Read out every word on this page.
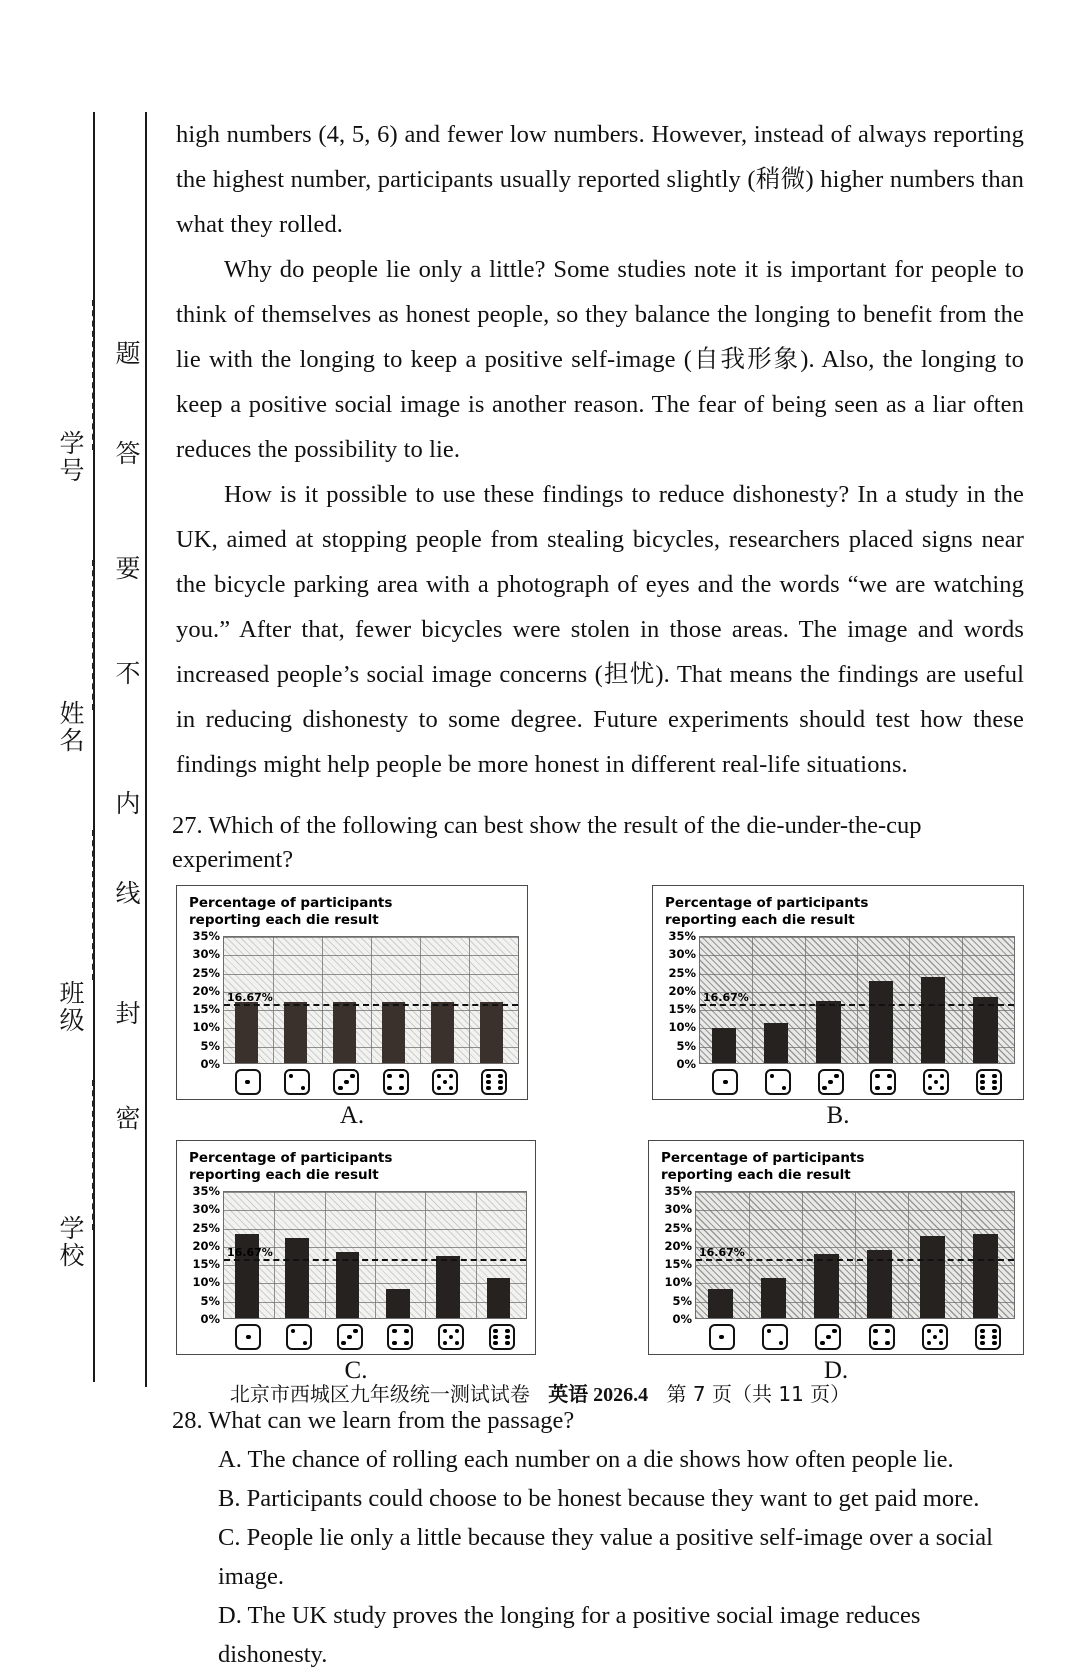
学号
姓名
班级
学校
题
答
要
不
内
线
封
密

high numbers (4, 5, 6) and fewer low numbers. However, instead of always reporting the highest number, participants usually reported slightly (稍微) higher numbers than what they rolled.

Why do people lie only a little? Some studies note it is important for people to think of themselves as honest people, so they balance the longing to benefit from the lie with the longing to keep a positive self-image (自我形象). Also, the longing to keep a positive social image is another reason. The fear of being seen as a liar often reduces the possibility to lie.

How is it possible to use these findings to reduce dishonesty? In a study in the UK, aimed at stopping people from stealing bicycles, researchers placed signs near the bicycle parking area with a photograph of eyes and the words “we are watching you.” After that, fewer bicycles were stolen in those areas. The image and words increased people’s social image concerns (担忧). That means the findings are useful in reducing dishonesty to some degree. Future experiments should test how these findings might help people be more honest in different real-life situations.

27. Which of the following can best show the result of the die-under-the-cup experiment?
Percentage of participants
reporting each die result
0%
5%
10%
15%
20%
25%
30%
35%
16.67%
A.
Percentage of participants
reporting each die result
0%
5%
10%
15%
20%
25%
30%
35%
16.67%
B.
Percentage of participants
reporting each die result
0%
5%
10%
15%
20%
25%
30%
35%
16.67%
C.
Percentage of participants
reporting each die result
0%
5%
10%
15%
20%
25%
30%
35%
16.67%
D.
28. What can we learn from the passage?
A. The chance of rolling each number on a die shows how often people lie.
B. Participants could choose to be honest because they want to get paid more.
C. People lie only a little because they value a positive self-image over a social image.
D. The UK study proves the longing for a positive social image reduces dishonesty.
北京市西城区九年级统一测试试卷 英语 2026.4 第 7 页（共 11 页）
